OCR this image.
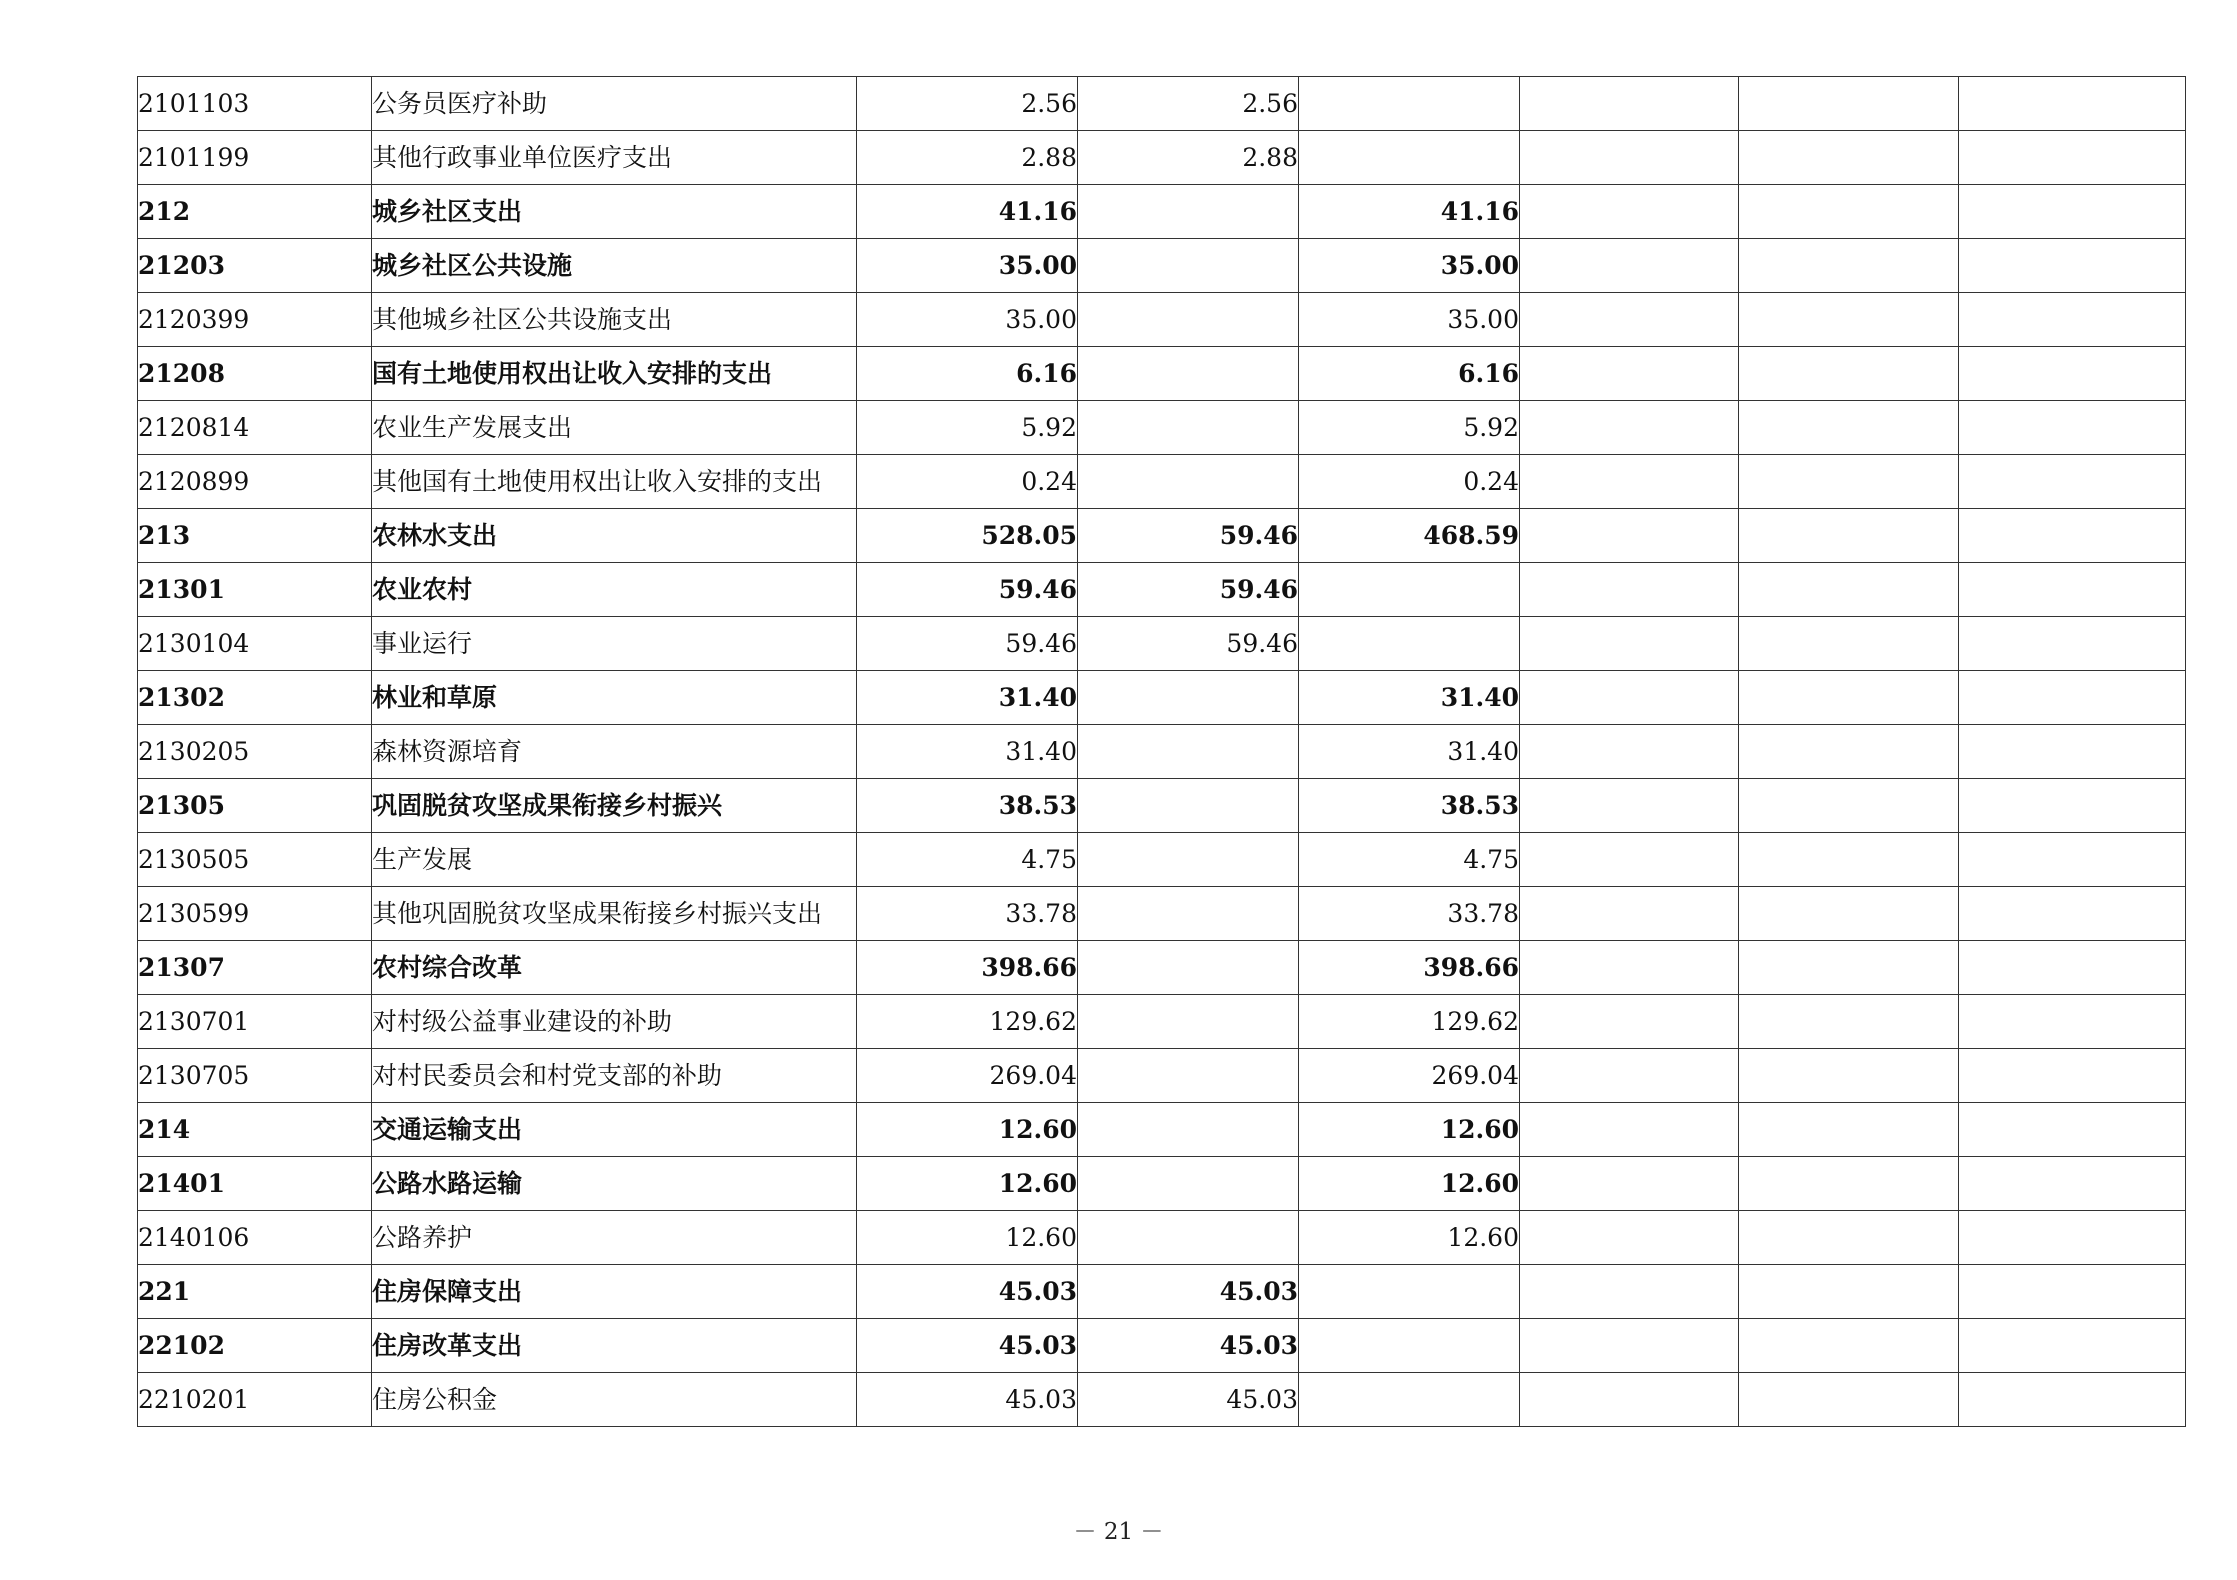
2101103	公务员医疗补助	2.56	2.56				
2101199	其他行政事业单位医疗支出	2.88	2.88				
212	城乡社区支出	41.16		41.16			
21203	城乡社区公共设施	35.00		35.00			
2120399	其他城乡社区公共设施支出	35.00		35.00			
21208	国有土地使用权出让收入安排的支出	6.16		6.16			
2120814	农业生产发展支出	5.92		5.92			
2120899	其他国有土地使用权出让收入安排的支出	0.24		0.24			
213	农林水支出	528.05	59.46	468.59			
21301	农业农村	59.46	59.46				
2130104	事业运行	59.46	59.46				
21302	林业和草原	31.40		31.40			
2130205	森林资源培育	31.40		31.40			
21305	巩固脱贫攻坚成果衔接乡村振兴	38.53		38.53			
2130505	生产发展	4.75		4.75			
2130599	其他巩固脱贫攻坚成果衔接乡村振兴支出	33.78		33.78			
21307	农村综合改革	398.66		398.66			
2130701	对村级公益事业建设的补助	129.62		129.62			
2130705	对村民委员会和村党支部的补助	269.04		269.04			
214	交通运输支出	12.60		12.60			
21401	公路水路运输	12.60		12.60			
2140106	公路养护	12.60		12.60			
221	住房保障支出	45.03	45.03				
22102	住房改革支出	45.03	45.03				
2210201	住房公积金	45.03	45.03				
－ 21 －
